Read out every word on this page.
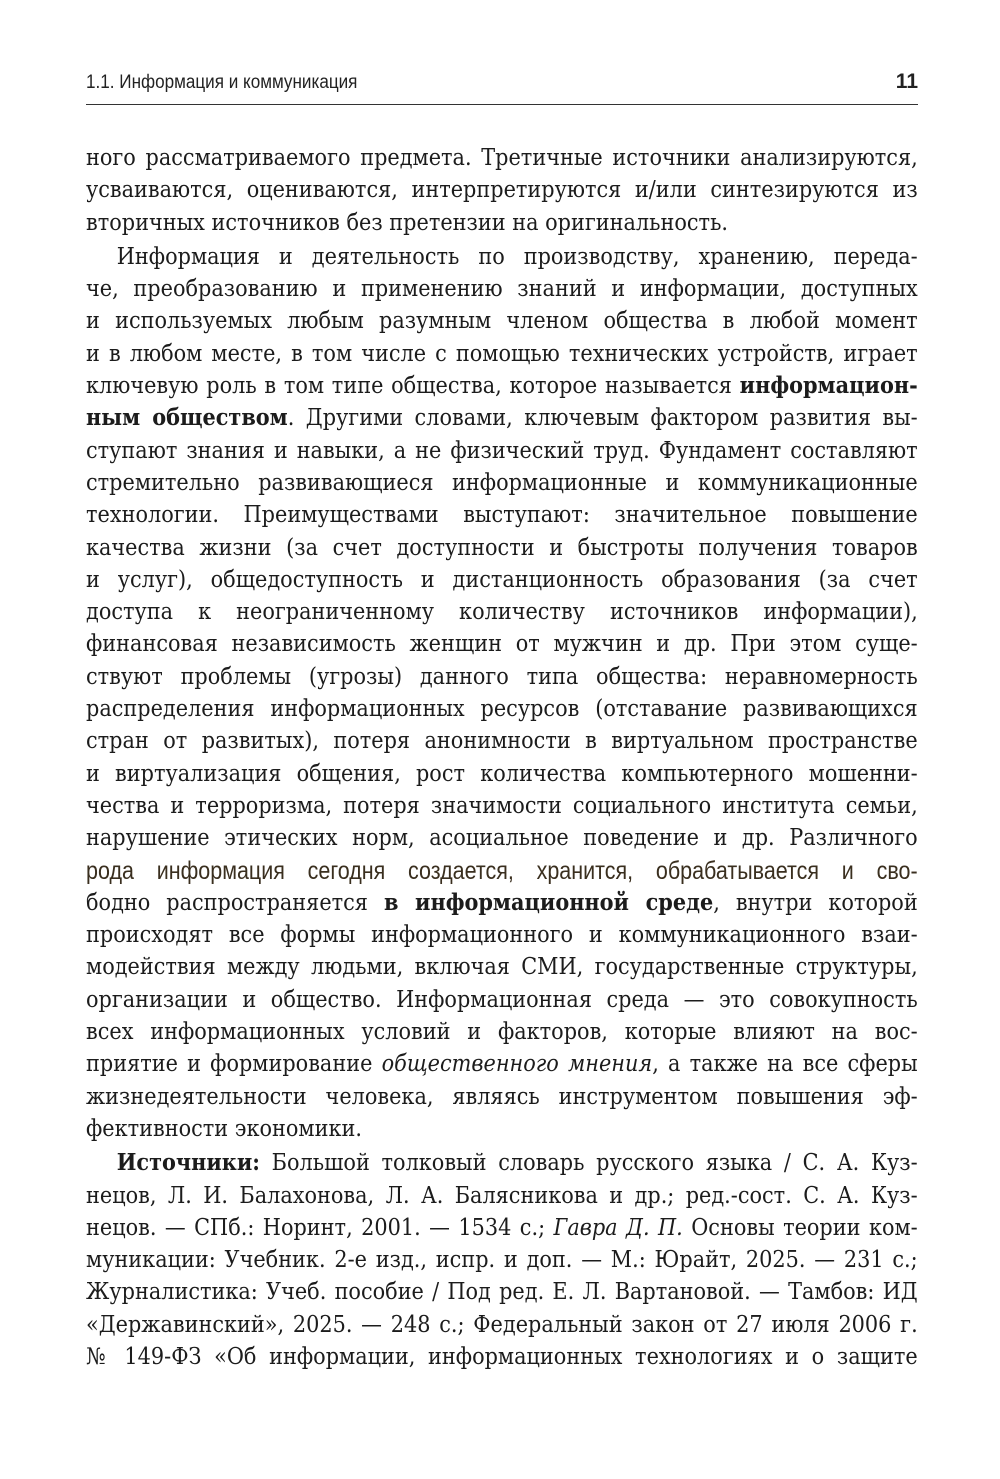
1.1. Информация и коммуникация	11
ного рассматриваемого предмета. Третичные источники анализируются,
усваиваются, оцениваются, интерпретируются и/или синтезируются из
вторичных источников без претензии на оригинальность.
Информация и деятельность по производству, хранению, переда-
че, преобразованию и применению знаний и информации, доступных
и используемых любым разумным членом общества в любой момент
и в любом месте, в том числе с помощью технических устройств, играет
ключевую роль в том типе общества, которое называется информацион-
ным обществом. Другими словами, ключевым фактором развития вы-
ступают знания и навыки, а не физический труд. Фундамент составляют
стремительно развивающиеся информационные и коммуникационные
технологии. Преимуществами выступают: значительное повышение
качества жизни (за счет доступности и быстроты получения товаров
и услуг), общедоступность и дистанционность образования (за счет
доступа к неограниченному количеству источников информации),
финансовая независимость женщин от мужчин и др. При этом суще-
ствуют проблемы (угрозы) данного типа общества: неравномерность
распределения информационных ресурсов (отставание развивающихся
стран от развитых), потеря анонимности в виртуальном пространстве
и виртуализация общения, рост количества компьютерного мошенни-
чества и терроризма, потеря значимости социального института семьи,
нарушение этических норм, асоциальное поведение и др. Различного
рода информация сегодня создается, хранится, обрабатывается и сво-
бодно распространяется в информационной среде, внутри которой
происходят все формы информационного и коммуникационного взаи-
модействия между людьми, включая СМИ, государственные структуры,
организации и общество. Информационная среда — это совокупность
всех информационных условий и факторов, которые влияют на вос-
приятие и формирование общественного мнения, а также на все сферы
жизнедеятельности человека, являясь инструментом повышения эф-
фективности экономики.
Источники: Большой толковый словарь русского языка / С. А. Куз-
нецов, Л. И. Балахонова, Л. А. Балясникова и др.; ред.-сост. С. А. Куз-
нецов. — СПб.: Норинт, 2001. — 1534 с.; Гавра Д. П. Основы теории ком-
муникации: Учебник. 2-е изд., испр. и доп. — М.: Юрайт, 2025. — 231 с.;
Журналистика: Учеб. пособие / Под ред. Е. Л. Вартановой. — Тамбов: ИД
«Державинский», 2025. — 248 с.; Федеральный закон от 27 июля 2006 г.
№ 149-ФЗ «Об информации, информационных технологиях и о защите
